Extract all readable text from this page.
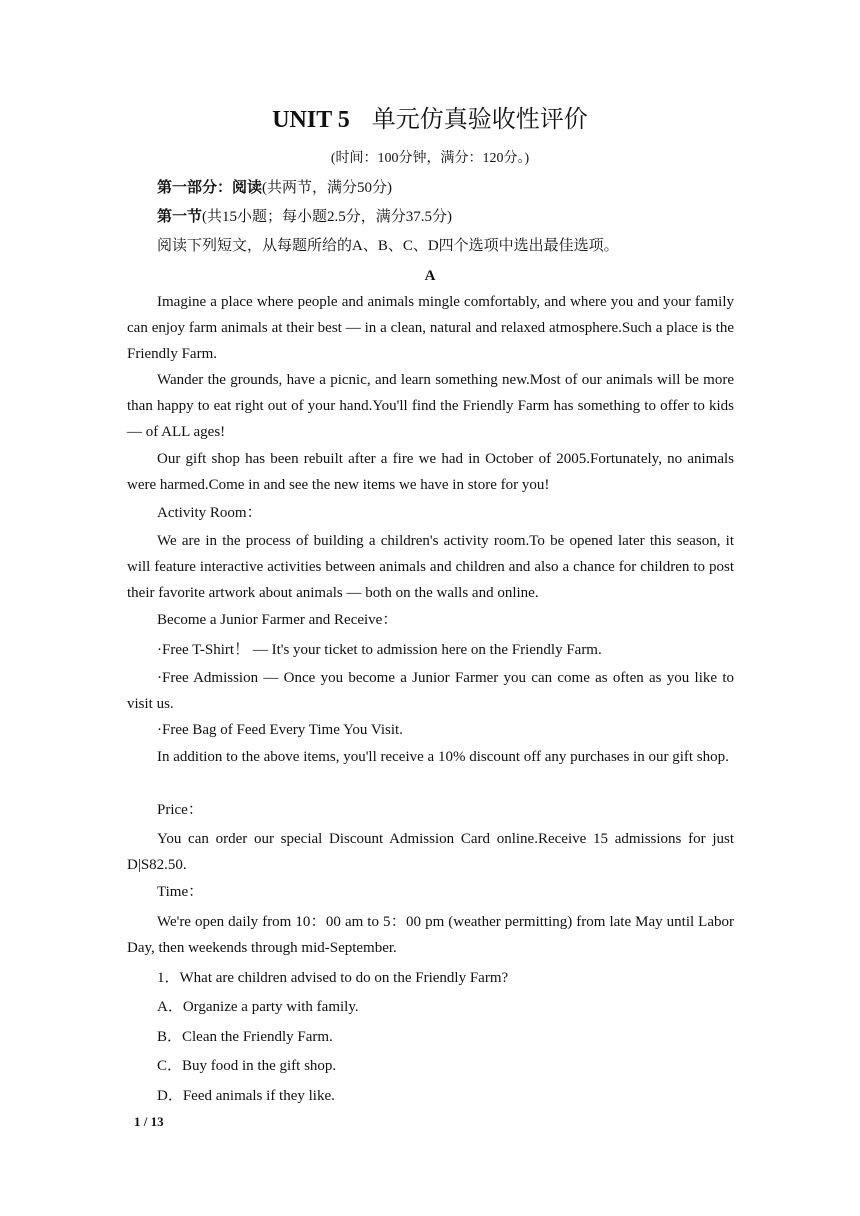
UNIT 5 单元仿真验收性评价
(时间：100分钟，满分：120分。)
第一部分：阅读(共两节，满分50分)
第一节(共15小题；每小题2.5分，满分37.5分)
阅读下列短文，从每题所给的A、B、C、D四个选项中选出最佳选项。
A
Imagine a place where people and animals mingle comfortably, and where you and your family can enjoy farm animals at their best — in a clean, natural and relaxed atmosphere.Such a place is the Friendly Farm.
Wander the grounds, have a picnic, and learn something new.Most of our animals will be more than happy to eat right out of your hand.You'll find the Friendly Farm has something to offer to kids — of ALL ages!
Our gift shop has been rebuilt after a fire we had in October of 2005.Fortunately, no animals were harmed.Come in and see the new items we have in store for you!
Activity Room：
We are in the process of building a children's activity room.To be opened later this season, it will feature interactive activities between animals and children and also a chance for children to post their favorite artwork about animals — both on the walls and online.
Become a Junior Farmer and Receive：
·Free T-Shirt！ — It's your ticket to admission here on the Friendly Farm.
·Free Admission — Once you become a Junior Farmer you can come as often as you like to visit us.
·Free Bag of Feed Every Time You Visit.
In addition to the above items, you'll receive a 10% discount off any purchases in our gift shop.
Price：
You can order our special Discount Admission Card online.Receive 15 admissions for just D|S82.50.
Time：
We're open daily from 10：00 am to 5：00 pm (weather permitting) from late May until Labor Day, then weekends through mid-September.
1．What are children advised to do on the Friendly Farm?
A．Organize a party with family.
B．Clean the Friendly Farm.
C．Buy food in the gift shop.
D．Feed animals if they like.
1 / 13
